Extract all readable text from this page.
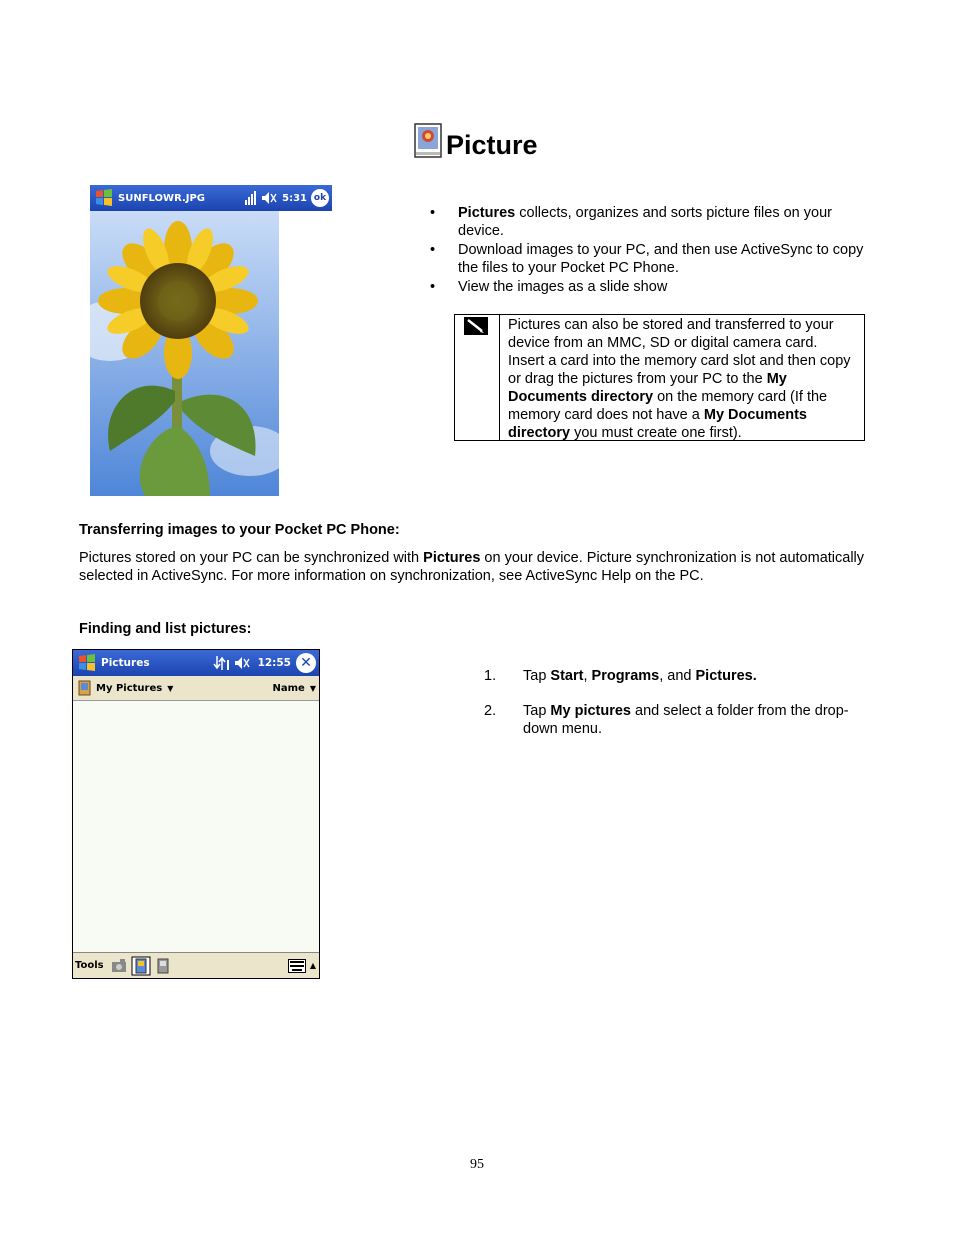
Picture
SUNFLOWR.JPG	5:31 ok
•	Pictures collects, organizes and sorts picture files on your device.
•	Download images to your PC, and then use ActiveSync to copy the files to your Pocket PC Phone.
•	View the images as a slide show
Pictures can also be stored and transferred to your device from an MMC, SD or digital camera card. Insert a card into the memory card slot and then copy or drag the pictures from your PC to the My Documents directory on the memory card (If the memory card does not have a My Documents directory you must create one first).
Transferring images to your Pocket PC Phone:
Pictures stored on your PC can be synchronized with Pictures on your device. Picture synchronization is not automatically selected in ActiveSync. For more information on synchronization, see ActiveSync Help on the PC.
Finding and list pictures:
Pictures	12:55 ✕
My Pictures ▼	Name ▼
Tools	▲
1.	Tap Start, Programs, and Pictures.
2.	Tap My pictures and select a folder from the drop-down menu.
95
